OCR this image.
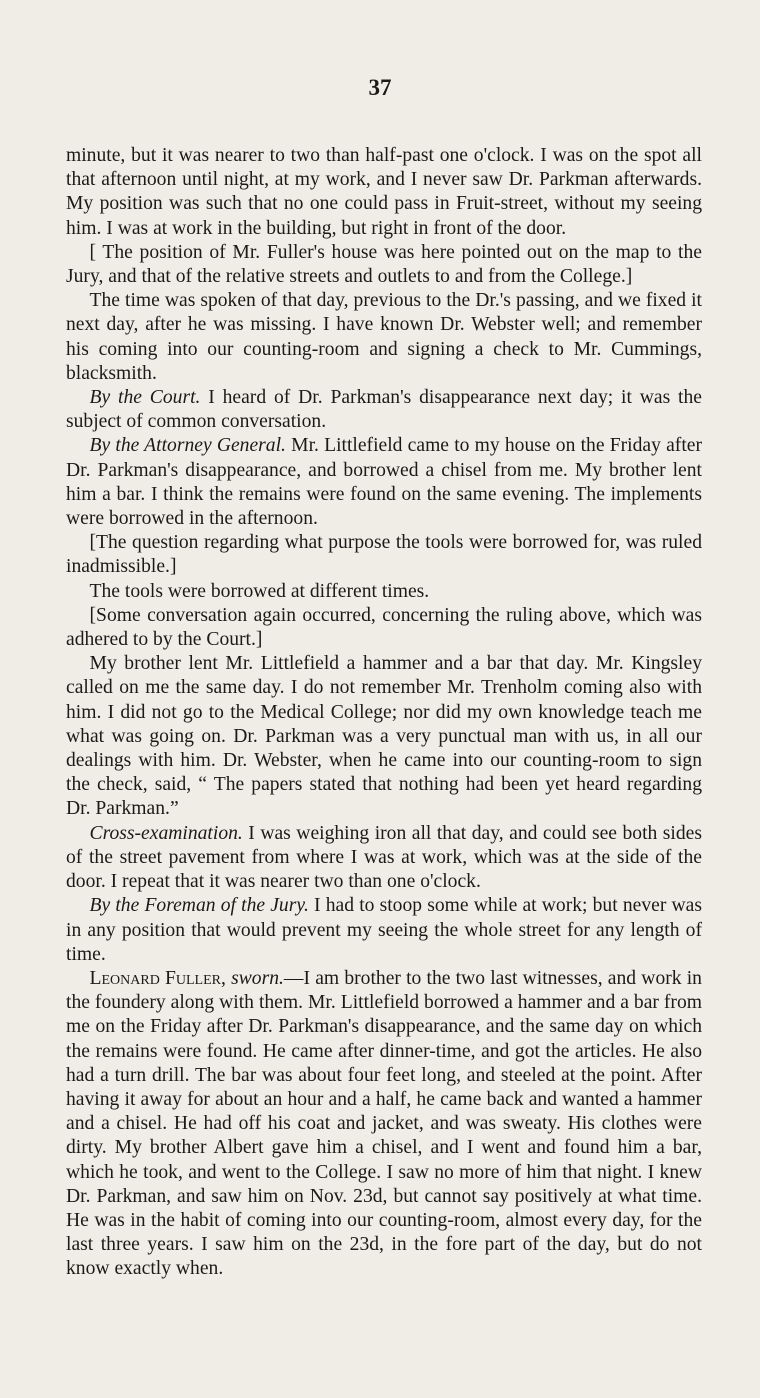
37

minute, but it was nearer to two than half-past one o'clock. I was on the spot all that afternoon until night, at my work, and I never saw Dr. Parkman afterwards. My position was such that no one could pass in Fruit-street, without my seeing him. I was at work in the building, but right in front of the door.

[ The position of Mr. Fuller's house was here pointed out on the map to the Jury, and that of the relative streets and outlets to and from the College.]

The time was spoken of that day, previous to the Dr.'s passing, and we fixed it next day, after he was missing. I have known Dr. Webster well; and remember his coming into our counting-room and signing a check to Mr. Cummings, blacksmith.

By the Court. I heard of Dr. Parkman's disappearance next day; it was the subject of common conversation.

By the Attorney General. Mr. Littlefield came to my house on the Friday after Dr. Parkman's disappearance, and borrowed a chisel from me. My brother lent him a bar. I think the remains were found on the same evening. The implements were borrowed in the afternoon.

[The question regarding what purpose the tools were borrowed for, was ruled inadmissible.]

The tools were borrowed at different times.

[Some conversation again occurred, concerning the ruling above, which was adhered to by the Court.]

My brother lent Mr. Littlefield a hammer and a bar that day. Mr. Kingsley called on me the same day. I do not remember Mr. Trenholm coming also with him. I did not go to the Medical College; nor did my own knowledge teach me what was going on. Dr. Parkman was a very punctual man with us, in all our dealings with him. Dr. Webster, when he came into our counting-room to sign the check, said, “ The papers stated that nothing had been yet heard regarding Dr. Parkman.”

Cross-examination. I was weighing iron all that day, and could see both sides of the street pavement from where I was at work, which was at the side of the door. I repeat that it was nearer two than one o'clock.

By the Foreman of the Jury. I had to stoop some while at work; but never was in any position that would prevent my seeing the whole street for any length of time.

Leonard Fuller, sworn.—I am brother to the two last witnesses, and work in the foundery along with them. Mr. Littlefield borrowed a hammer and a bar from me on the Friday after Dr. Parkman's disappearance, and the same day on which the remains were found. He came after dinner-time, and got the articles. He also had a turn drill. The bar was about four feet long, and steeled at the point. After having it away for about an hour and a half, he came back and wanted a hammer and a chisel. He had off his coat and jacket, and was sweaty. His clothes were dirty. My brother Albert gave him a chisel, and I went and found him a bar, which he took, and went to the College. I saw no more of him that night. I knew Dr. Parkman, and saw him on Nov. 23d, but cannot say positively at what time. He was in the habit of coming into our counting-room, almost every day, for the last three years. I saw him on the 23d, in the fore part of the day, but do not know exactly when.
